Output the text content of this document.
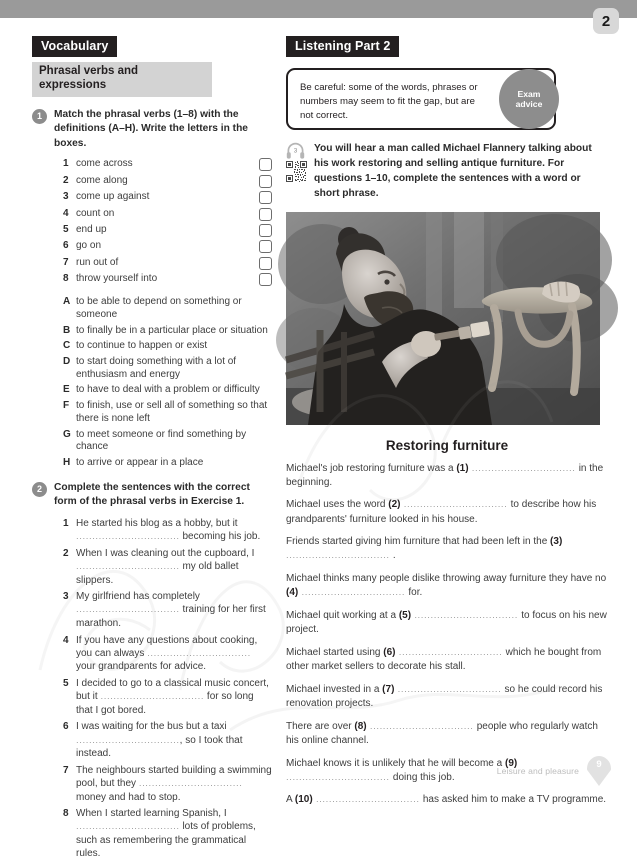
2
Vocabulary
Phrasal verbs and expressions
1	Match the phrasal verbs (1–8) with the definitions (A–H). Write the letters in the boxes.

1 come across
2 come along
3 come up against
4 count on
5 end up
6 go on
7 run out of
8 throw yourself into
A to be able to depend on something or someone
B to finally be in a particular place or situation
C to continue to happen or exist
D to start doing something with a lot of enthusiasm and energy
E to have to deal with a problem or difficulty
F to finish, use or sell all of something so that there is none left
G to meet someone or find something by chance
H to arrive or appear in a place
2	Complete the sentences with the correct form of the phrasal verbs in Exercise 1.

1 He started his blog as a hobby, but it ................................ becoming his job.
2 When I was cleaning out the cupboard, I ................................ my old ballet slippers.
3 My girlfriend has completely ................................ training for her first marathon.
4 If you have any questions about cooking, you can always ................................ your grandparents for advice.
5 I decided to go to a classical music concert, but it ................................ for so long that I got bored.
6 I was waiting for the bus but a taxi ................................, so I took that instead.
7 The neighbours started building a swimming pool, but they ................................ money and had to stop.
8 When I started learning Spanish, I ................................ lots of problems, such as remembering the grammatical rules.
Listening Part 2
Be careful: some of the words, phrases or numbers may seem to fit the gap, but are not correct.
Exam
advice
3 You will hear a man called Michael Flannery talking about his work restoring and selling antique furniture. For questions 1–10, complete the sentences with a word or short phrase.
Restoring furniture

Michael's job restoring furniture was a (1) ................................ in the beginning.

Michael uses the word (2) ................................ to describe how his grandparents' furniture looked in his house.

Friends started giving him furniture that had been left in the (3) ................................ .

Michael thinks many people dislike throwing away furniture they have no (4) ................................ for.

Michael quit working at a (5) ................................ to focus on his new project.

Michael started using (6) ................................ which he bought from other market sellers to decorate his stall.

Michael invested in a (7) ................................ so he could record his renovation projects.

There are over (8) ................................ people who regularly watch his online channel.

Michael knows it is unlikely that he will become a (9) ................................ doing this job.

A (10) ................................ has asked him to make a TV programme.

Leisure and pleasure
9
